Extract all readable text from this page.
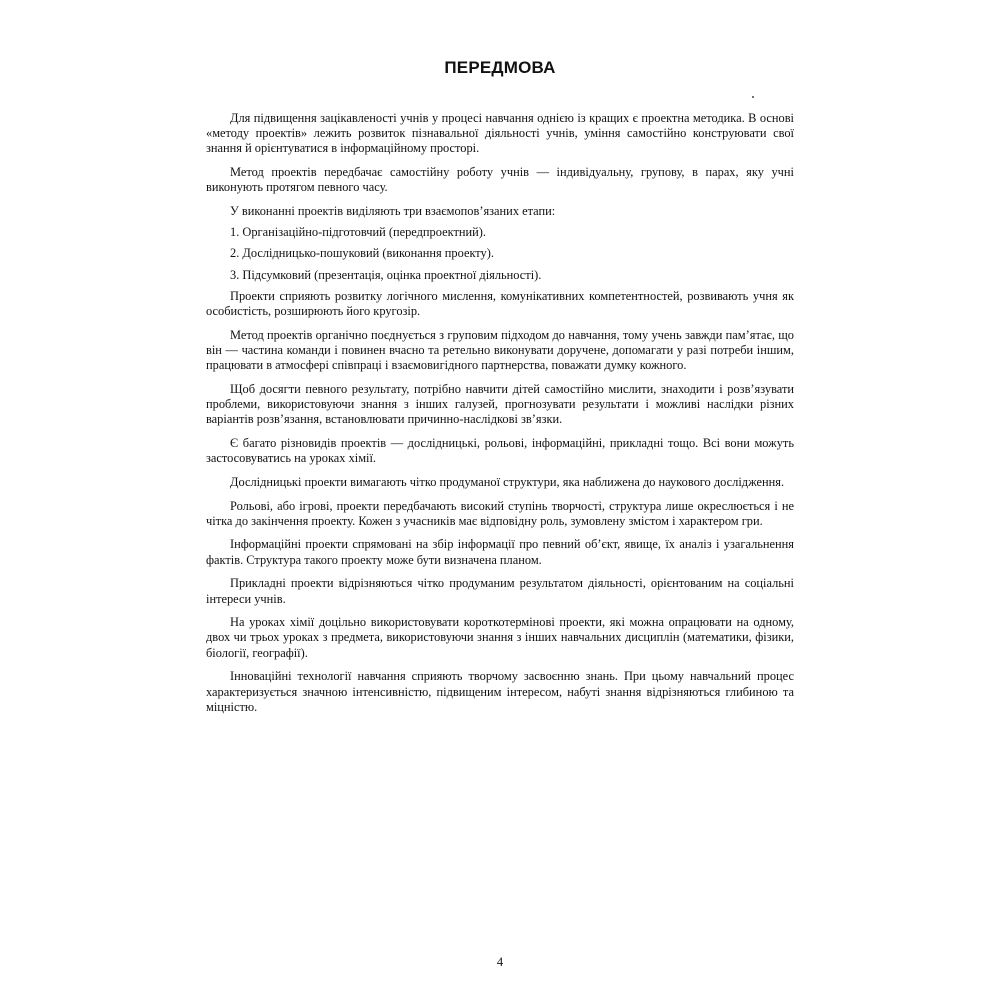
ПЕРЕДМОВА

Для підвищення зацікавленості учнів у процесі навчання однією із кращих є проектна методика. В основі «методу проектів» лежить розвиток пізнавальної діяльності учнів, уміння самостійно конструювати свої знання й орієнтуватися в інформаційному просторі.

Метод проектів передбачає самостійну роботу учнів — індивідуальну, групову, в парах, яку учні виконують протягом певного часу.

У виконанні проектів виділяють три взаємопов’язаних етапи:

1. Організаційно-підготовчий (передпроектний).

2. Дослідницько-пошуковий (виконання проекту).

3. Підсумковий (презентація, оцінка проектної діяльності).

Проекти сприяють розвитку логічного мислення, комунікативних компетентностей, розвивають учня як особистість, розширюють його кругозір.

Метод проектів органічно поєднується з груповим підходом до навчання, тому учень завжди пам’ятає, що він — частина команди і повинен вчасно та ретельно виконувати доручене, допомагати у разі потреби іншим, працювати в атмосфері співпраці і взаємовигідного партнерства, поважати думку кожного.

Щоб досягти певного результату, потрібно навчити дітей самостійно мислити, знаходити і розв’язувати проблеми, використовуючи знання з інших галузей, прогнозувати результати і можливі наслідки різних варіантів розв’язання, встановлювати причинно-наслідкові зв’язки.

Є багато різновидів проектів — дослідницькі, рольові, інформаційні, прикладні тощо. Всі вони можуть застосовуватись на уроках хімії.

Дослідницькі проекти вимагають чітко продуманої структури, яка наближена до наукового дослідження.

Рольові, або ігрові, проекти передбачають високий ступінь творчості, структура лише окреслюється і не чітка до закінчення проекту. Кожен з учасників має відповідну роль, зумовлену змістом і характером гри.

Інформаційні проекти спрямовані на збір інформації про певний об’єкт, явище, їх аналіз і узагальнення фактів. Структура такого проекту може бути визначена планом.

Прикладні проекти відрізняються чітко продуманим результатом діяльності, орієнтованим на соціальні інтереси учнів.

На уроках хімії доцільно використовувати короткотермінові проекти, які можна опрацювати на одному, двох чи трьох уроках з предмета, використовуючи знання з інших навчальних дисциплін (математики, фізики, біології, географії).

Інноваційні технології навчання сприяють творчому засвоєнню знань. При цьому навчальний процес характеризується значною інтенсивністю, підвищеним інтересом, набуті знання відрізняються глибиною та міцністю.

4
